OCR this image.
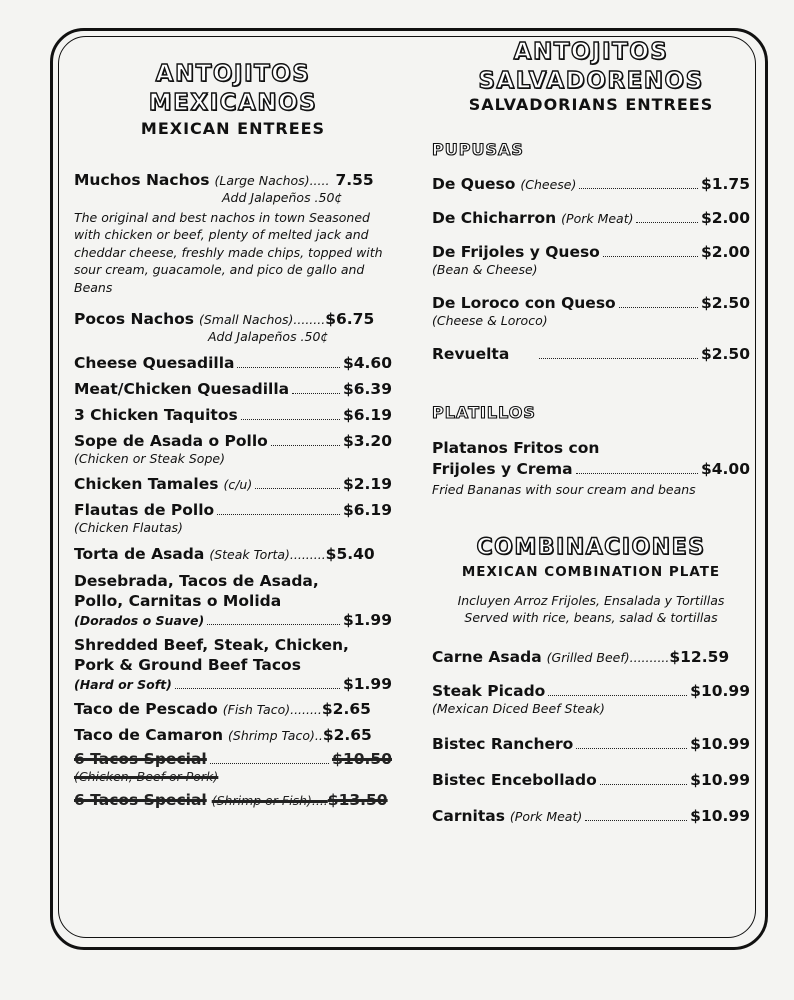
ANTOJITOS
MEXICANOS
MEXICAN ENTREES
Muchos Nachos (Large Nachos)..... 7.55
Add Jalapeños .50¢
The original and best nachos in town Seasoned with chicken or beef, plenty of melted jack and cheddar cheese, freshly made chips, topped with sour cream, guacamole, and pico de gallo and Beans
Pocos Nachos (Small Nachos)........ $6.75
Add Jalapeños .50¢
Cheese Quesadilla	$4.60
Meat/Chicken Quesadilla	$6.39
3 Chicken Taquitos	$6.19
Sope de Asada o Pollo	$3.20
(Chicken or Steak Sope)
Chicken Tamales (c/u)	$2.19
Flautas de Pollo	$6.19
(Chicken Flautas)
Torta de Asada (Steak Torta)......... $5.40
Desebrada, Tacos de Asada,
Pollo, Carnitas o Molida
(Dorados o Suave)	$1.99
Shredded Beef, Steak, Chicken,
Pork & Ground Beef Tacos
(Hard or Soft)	$1.99
Taco de Pescado (Fish Taco)........ $2.65
Taco de Camaron (Shrimp Taco).. $2.65
6 Tacos Special	$10.50
(Chicken, Beef or Pork)
6 Tacos Special (Shrimp or Fish).... $13.50
ANTOJITOS
SALVADORENOS
SALVADORIANS ENTREES
PUPUSAS
De Queso (Cheese)	$1.75
De Chicharron (Pork Meat)	$2.00
De Frijoles y Queso	$2.00
(Bean & Cheese)
De Loroco con Queso	$2.50
(Cheese & Loroco)
Revuelta	$2.50
PLATILLOS
Platanos Fritos con
Frijoles y Crema	$4.00
Fried Bananas with sour cream and beans
COMBINACIONES
MEXICAN COMBINATION PLATE
Incluyen Arroz Frijoles, Ensalada y Tortillas
Served with rice, beans, salad & tortillas
Carne Asada (Grilled Beef).......... $12.59
Steak Picado	$10.99
(Mexican Diced Beef Steak)
Bistec Ranchero	$10.99
Bistec Encebollado	$10.99
Carnitas (Pork Meat)	$10.99
